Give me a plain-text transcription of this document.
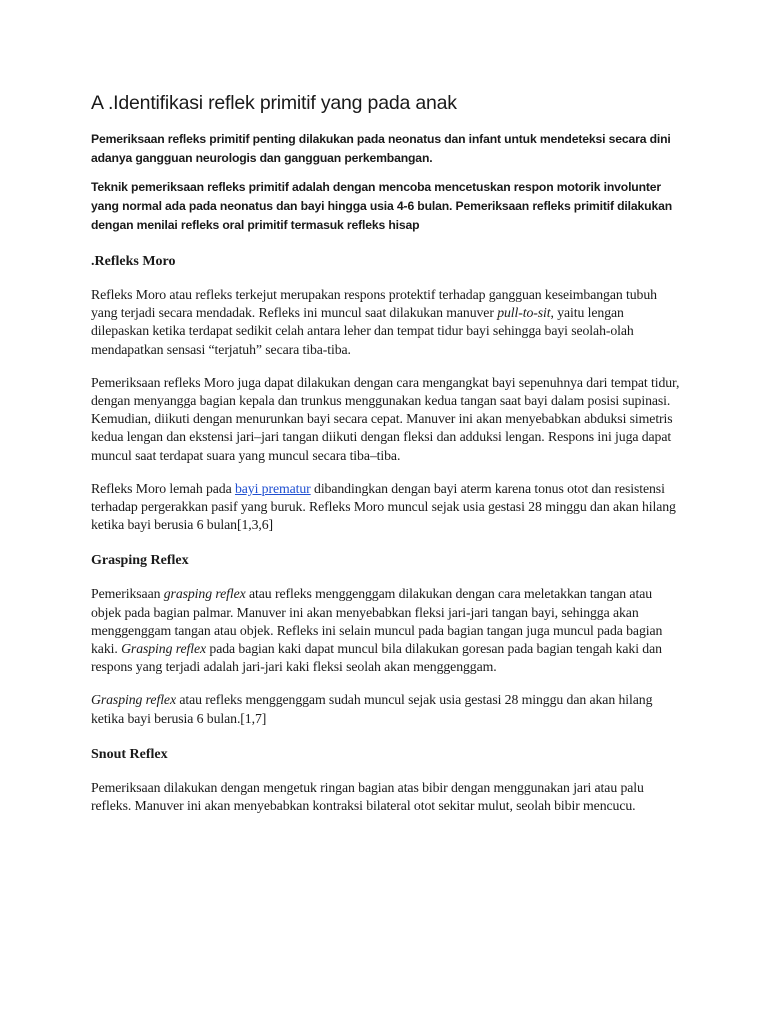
A .Identifikasi reflek primitif yang pada anak

Pemeriksaan refleks primitif penting dilakukan pada neonatus dan infant untuk mendeteksi secara dini adanya gangguan neurologis dan gangguan perkembangan.

Teknik pemeriksaan refleks primitif adalah dengan mencoba mencetuskan respon motorik involunter yang normal ada pada neonatus dan bayi hingga usia 4-6 bulan. Pemeriksaan refleks primitif dilakukan dengan menilai refleks oral primitif termasuk refleks hisap

.Refleks Moro

Refleks Moro atau refleks terkejut merupakan respons protektif terhadap gangguan keseimbangan tubuh yang terjadi secara mendadak. Refleks ini muncul saat dilakukan manuver pull-to-sit, yaitu lengan dilepaskan ketika terdapat sedikit celah antara leher dan tempat tidur bayi sehingga bayi seolah-olah mendapatkan sensasi “terjatuh” secara tiba-tiba.

Pemeriksaan refleks Moro juga dapat dilakukan dengan cara mengangkat bayi sepenuhnya dari tempat tidur, dengan menyangga bagian kepala dan trunkus menggunakan kedua tangan saat bayi dalam posisi supinasi. Kemudian, diikuti dengan menurunkan bayi secara cepat. Manuver ini akan menyebabkan abduksi simetris kedua lengan dan ekstensi jari–jari tangan diikuti dengan fleksi dan adduksi lengan. Respons ini juga dapat muncul saat terdapat suara yang muncul secara tiba–tiba.

Refleks Moro lemah pada bayi prematur dibandingkan dengan bayi aterm karena tonus otot dan resistensi terhadap pergerakkan pasif yang buruk. Refleks Moro muncul sejak usia gestasi 28 minggu dan akan hilang ketika bayi berusia 6 bulan[1,3,6]

Grasping Reflex

Pemeriksaan grasping reflex atau refleks menggenggam dilakukan dengan cara meletakkan tangan atau objek pada bagian palmar. Manuver ini akan menyebabkan fleksi jari-jari tangan bayi, sehingga akan menggenggam tangan atau objek. Refleks ini selain muncul pada bagian tangan juga muncul pada bagian kaki. Grasping reflex pada bagian kaki dapat muncul bila dilakukan goresan pada bagian tengah kaki dan respons yang terjadi adalah jari-jari kaki fleksi seolah akan menggenggam.

Grasping reflex atau refleks menggenggam sudah muncul sejak usia gestasi 28 minggu dan akan hilang ketika bayi berusia 6 bulan.[1,7]

Snout Reflex

Pemeriksaan dilakukan dengan mengetuk ringan bagian atas bibir dengan menggunakan jari atau palu refleks. Manuver ini akan menyebabkan kontraksi bilateral otot sekitar mulut, seolah bibir mencucu.
